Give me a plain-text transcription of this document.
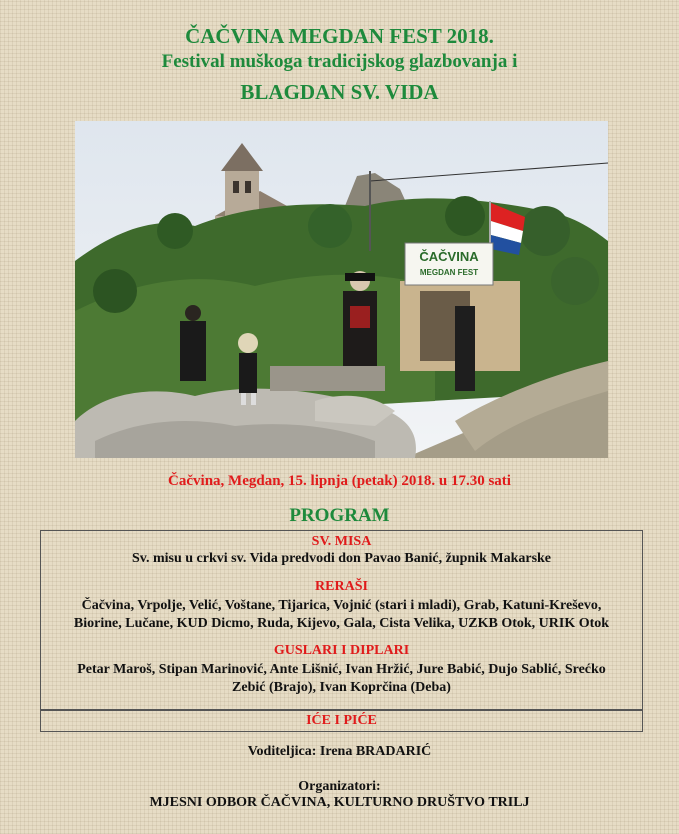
ČAČVINA MEGDAN FEST 2018.
Festival muškoga tradicijskog glazbovanja i
BLAGDAN SV. VIDA
ČAČVINA
MEGDAN FEST
Čačvina, Megdan, 15. lipnja (petak) 2018. u 17.30 sati
PROGRAM
SV. MISA
Sv. misu u crkvi sv. Vida predvodi don Pavao Banić, župnik Makarske
RERAŠI
Čačvina, Vrpolje, Velić, Voštane, Tijarica, Vojnić (stari i mladi), Grab, Katuni-Kreševo,
Biorine, Lučane, KUD Dicmo, Ruda, Kijevo, Gala, Cista Velika, UZKB Otok, URIK Otok
GUSLARI I DIPLARI
Petar Maroš, Stipan Marinović, Ante Lišnić, Ivan Hržić, Jure Babić, Dujo Sablić, Srećko
Zebić (Brajo), Ivan Koprčina (Deba)
IĆE I PIĆE
Voditeljica: Irena BRADARIĆ
Organizatori:
MJESNI ODBOR ČAČVINA, KULTURNO DRUŠTVO TRILJ
